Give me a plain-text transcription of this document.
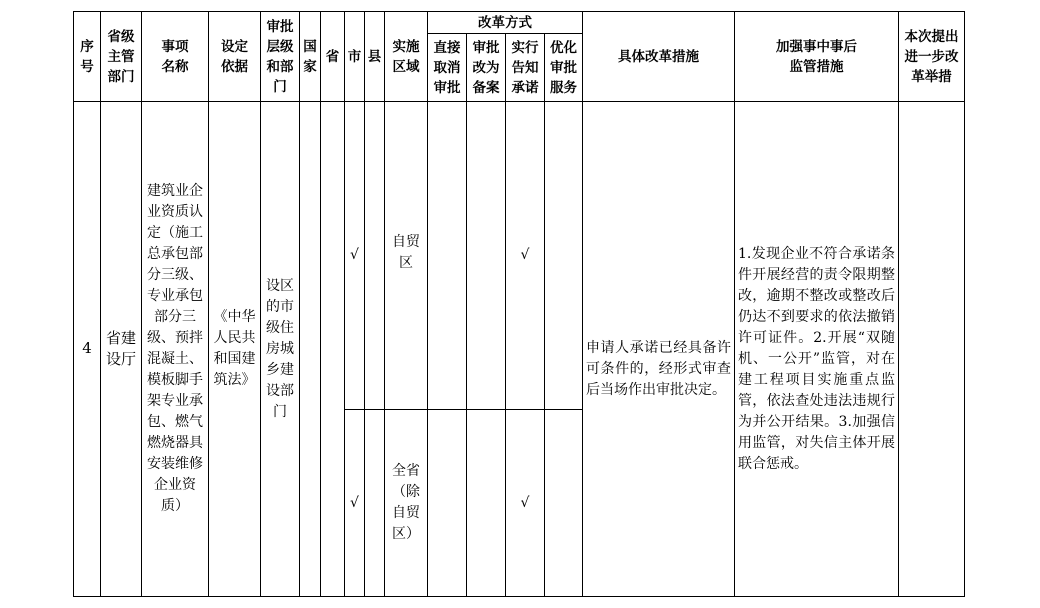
序号	省级主管部门	事项名称	设定依据	审批层级和部门	国家	省	市	县	实施区域	改革方式				具体改革措施	加强事中事后监管措施	本次提出进一步改革举措

										直接取消审批	审批改为备案	实行告知承诺	优化审批服务			

4	省建设厅	建筑业企业资质认定（施工总承包部分三级、专业承包部分三级、预拌混凝土、模板脚手架专业承包、燃气燃烧器具安装维修企业资质）	《中华人民共和国建筑法》	设区的市级住房城乡建设部门			√		自贸区			√		申请人承诺已经具备许可条件的，经形式审查后当场作出审批决定。	1.发现企业不符合承诺条件开展经营的责令限期整改，逾期不整改或整改后仍达不到要求的依法撤销许可证件。2.开展“双随机、一公开”监管，对在建工程项目实施重点监管，依法查处违法违规行为并公开结果。3.加强信用监管，对失信主体开展联合惩戒。	

							√		全省（除自贸区）			√				
